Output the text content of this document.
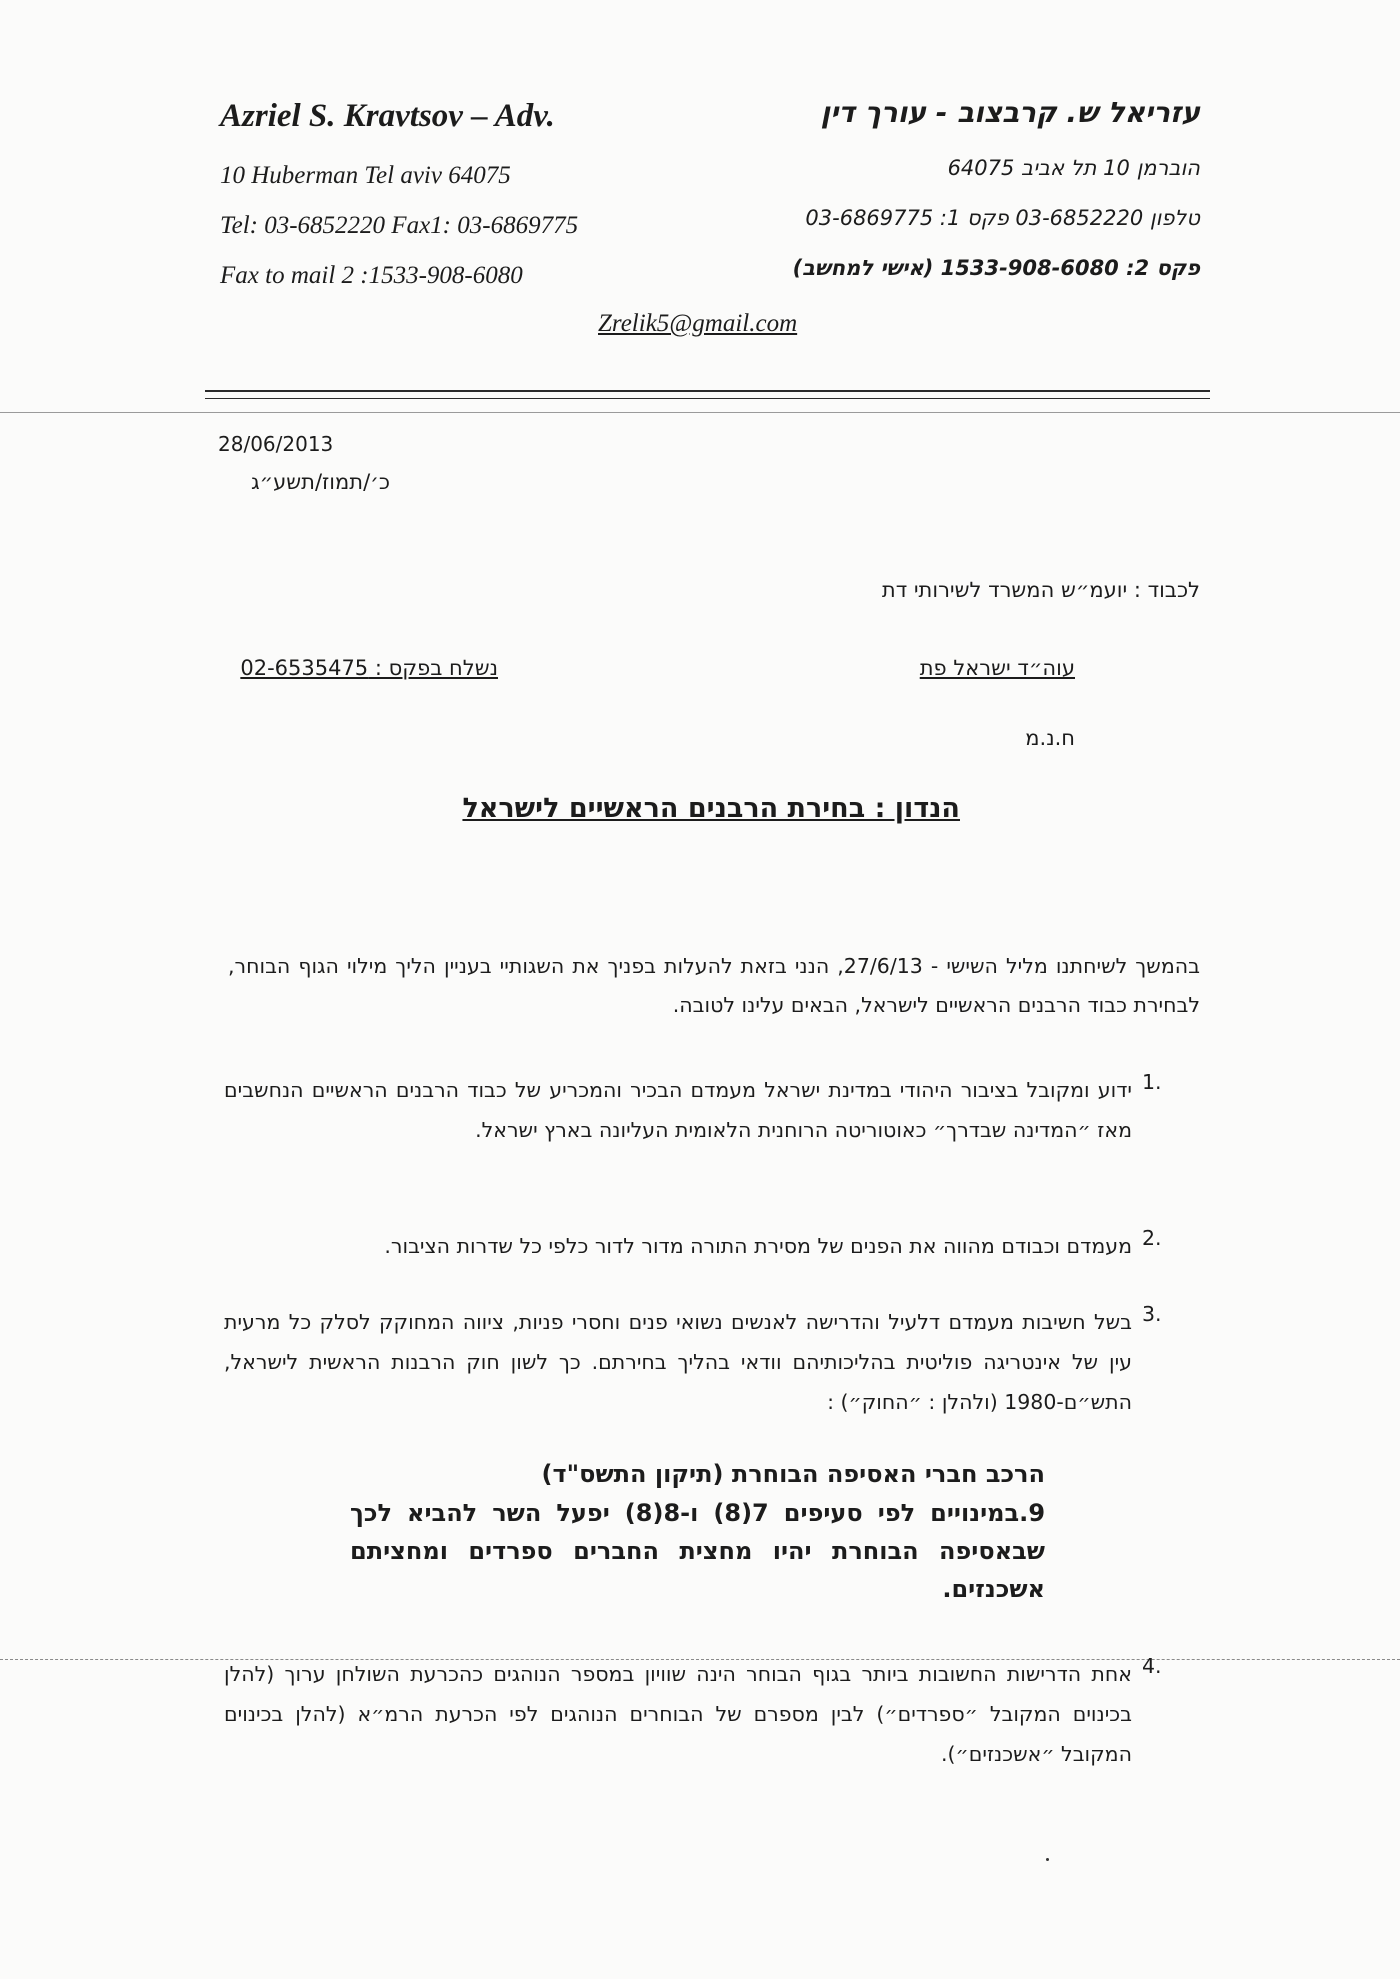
Azriel S. Kravtsov – Adv.
10 Huberman Tel aviv 64075
Tel: 03-6852220 Fax1: 03-6869775
Fax to mail 2 :1533-908-6080
עזריאל ש. קרבצוב - עורך דין
הוברמן 10 תל אביב 64075
טלפון 03-6852220 פקס 1: 03-6869775
פקס 2: 1533-908-6080 (אישי למחשב)
Zrelik5@gmail.com
28/06/2013
כ׳/תמוז/תשע״ג
לכבוד : יועמ״ש המשרד לשירותי דת
עוה״ד ישראל פת
נשלח בפקס : 02-6535475
ח.נ.מ
הנדון : בחירת הרבנים הראשיים לישראל
בהמשך לשיחתנו מליל השישי - 27/6/13, הנני בזאת להעלות בפניך את השגותיי בעניין הליך מילוי הגוף הבוחר, לבחירת כבוד הרבנים הראשיים לישראל, הבאים עלינו לטובה.
1.
ידוע ומקובל בציבור היהודי במדינת ישראל מעמדם הבכיר והמכריע של כבוד הרבנים הראשיים הנחשבים מאז ״המדינה שבדרך״ כאוטוריטה הרוחנית הלאומית העליונה בארץ ישראל.
2.
מעמדם וכבודם מהווה את הפנים של מסירת התורה מדור לדור כלפי כל שדרות הציבור.
3.
בשל חשיבות מעמדם דלעיל והדרישה לאנשים נשואי פנים וחסרי פניות, ציווה המחוקק לסלק כל מרעית עין של אינטריגה פוליטית בהליכותיהם וודאי בהליך בחירתם. כך לשון חוק הרבנות הראשית לישראל, התש״ם-1980 (ולהלן : ״החוק״) :
הרכב חברי האסיפה הבוחרת (תיקון התשס"ד)
9.במינויים לפי סעיפים 7(8) ו-8(8) יפעל השר להביא לכך שבאסיפה הבוחרת יהיו מחצית החברים ספרדים ומחציתם אשכנזים.
4.
אחת הדרישות החשובות ביותר בגוף הבוחר הינה שוויון במספר הנוהגים כהכרעת השולחן ערוך (להלן בכינוים המקובל ״ספרדים״) לבין מספרם של הבוחרים הנוהגים לפי הכרעת הרמ״א (להלן בכינוים המקובל ״אשכנזים״).
